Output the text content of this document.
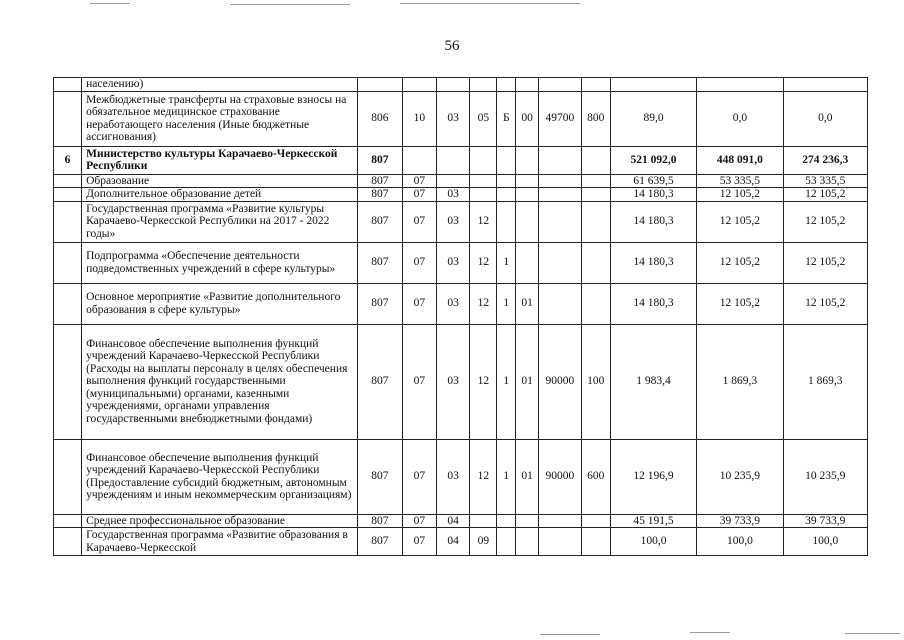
56
	населению)											
	Межбюджетные трансферты на страховые взносы на обязательное медицинское страхование неработающего населения (Иные бюджетные ассигнования)	806	10	03	05	Б	00	49700	800	89,0	0,0	0,0
6	Министерство культуры Карачаево-Черкесской Республики	807								521 092,0	448 091,0	274 236,3
	Образование	807	07							61 639,5	53 335,5	53 335,5
	Дополнительное образование детей	807	07	03						14 180,3	12 105,2	12 105,2
	Государственная программа «Развитие культуры Карачаево-Черкесской Республики на 2017 - 2022 годы»	807	07	03	12					14 180,3	12 105,2	12 105,2
	Подпрограмма «Обеспечение деятельности подведомственных учреждений в сфере культуры»	807	07	03	12	1				14 180,3	12 105,2	12 105,2
	Основное мероприятие «Развитие дополнительного образования в сфере культуры»	807	07	03	12	1	01			14 180,3	12 105,2	12 105,2
	Финансовое обеспечение выполнения функций учреждений Карачаево-Черкесской Республики (Расходы на выплаты персоналу в целях обеспечения выполнения функций государственными (муниципальными) органами, казенными учреждениями, органами управления государственными внебюджетными фондами)	807	07	03	12	1	01	90000	100	1 983,4	1 869,3	1 869,3
	Финансовое обеспечение выполнения функций учреждений Карачаево-Черкесской Республики (Предоставление субсидий бюджетным, автономным учреждениям и иным некоммерческим организациям)	807	07	03	12	1	01	90000	600	12 196,9	10 235,9	10 235,9
	Среднее профессиональное образование	807	07	04						45 191,5	39 733,9	39 733,9
	Государственная программа «Развитие образования в Карачаево-Черкесской	807	07	04	09					100,0	100,0	100,0
